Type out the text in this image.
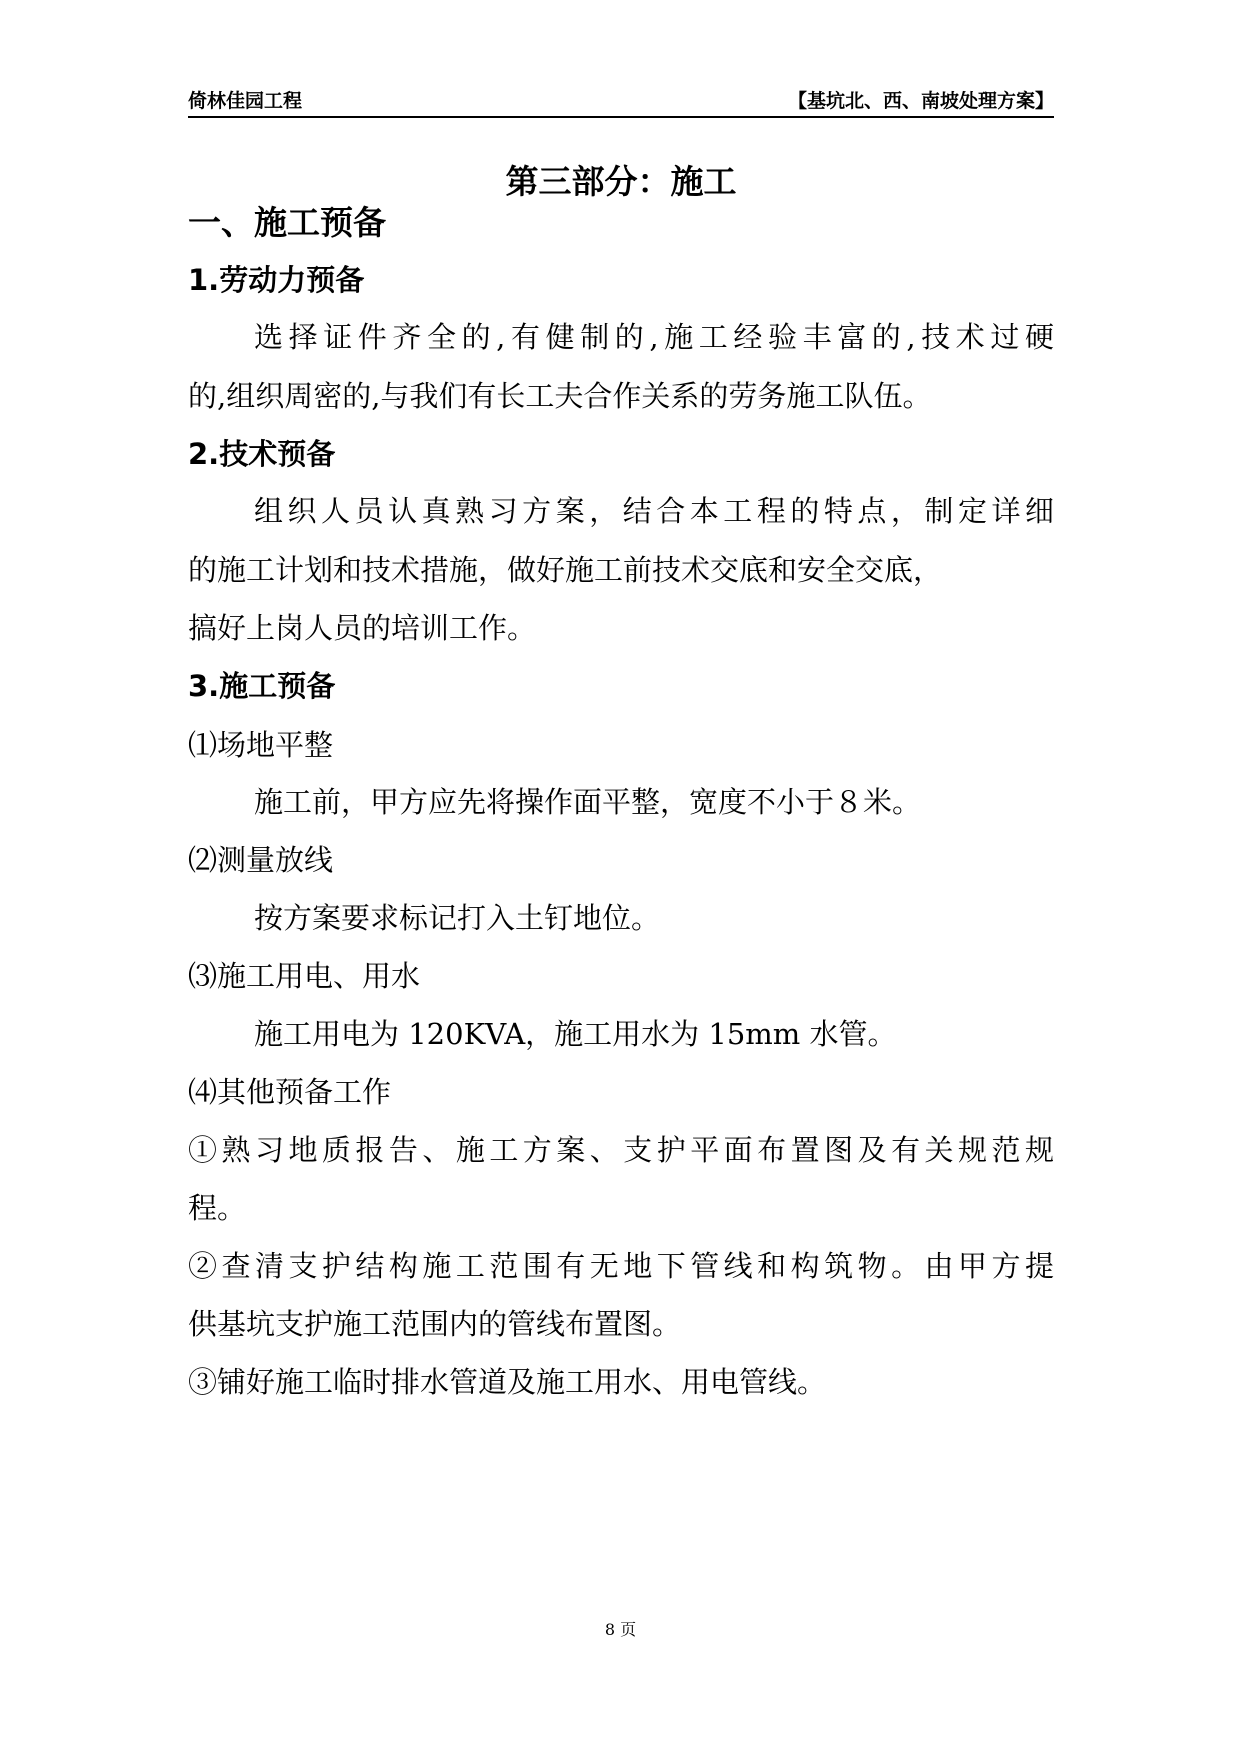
倚林佳园工程	【基坑北、西、南坡处理方案】
第三部分：施工
一、施工预备
1.劳动力预备
选择证件齐全的,有健制的,施工经验丰富的,技术过硬
的,组织周密的,与我们有长工夫合作关系的劳务施工队伍。
2.技术预备
组织人员认真熟习方案，结合本工程的特点，制定详细
的施工计划和技术措施，做好施工前技术交底和安全交底，
搞好上岗人员的培训工作。
3.施工预备
⑴场地平整
施工前，甲方应先将操作面平整，宽度不小于８米。
⑵测量放线
按方案要求标记打入土钉地位。
⑶施工用电、用水
施工用电为 120KVA，施工用水为 15mm 水管。
⑷其他预备工作
①熟习地质报告、施工方案、支护平面布置图及有关规范规
程。
②查清支护结构施工范围有无地下管线和构筑物。由甲方提
供基坑支护施工范围内的管线布置图。
③铺好施工临时排水管道及施工用水、用电管线。
8 页
